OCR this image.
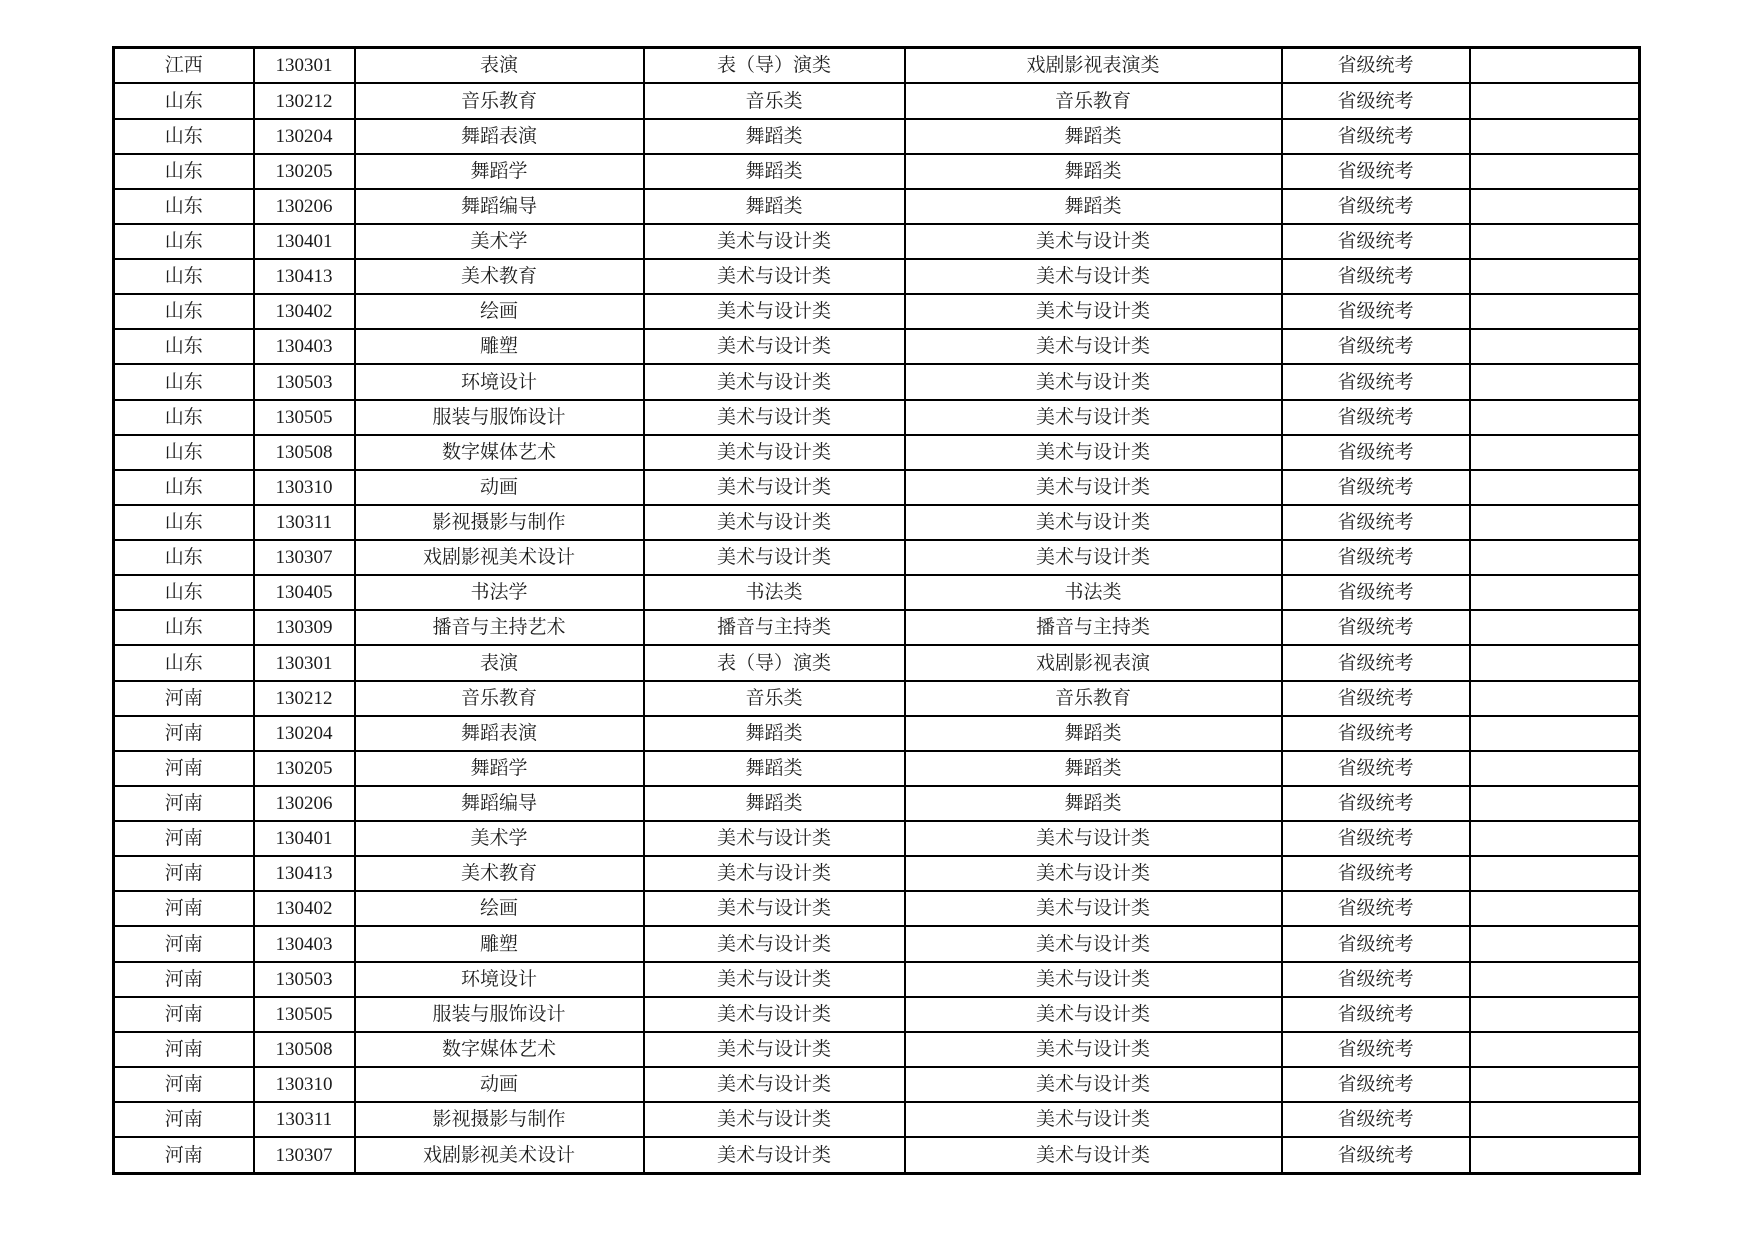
江西	130301	表演	表（导）演类	戏剧影视表演类	省级统考	
山东	130212	音乐教育	音乐类	音乐教育	省级统考	
山东	130204	舞蹈表演	舞蹈类	舞蹈类	省级统考	
山东	130205	舞蹈学	舞蹈类	舞蹈类	省级统考	
山东	130206	舞蹈编导	舞蹈类	舞蹈类	省级统考	
山东	130401	美术学	美术与设计类	美术与设计类	省级统考	
山东	130413	美术教育	美术与设计类	美术与设计类	省级统考	
山东	130402	绘画	美术与设计类	美术与设计类	省级统考	
山东	130403	雕塑	美术与设计类	美术与设计类	省级统考	
山东	130503	环境设计	美术与设计类	美术与设计类	省级统考	
山东	130505	服装与服饰设计	美术与设计类	美术与设计类	省级统考	
山东	130508	数字媒体艺术	美术与设计类	美术与设计类	省级统考	
山东	130310	动画	美术与设计类	美术与设计类	省级统考	
山东	130311	影视摄影与制作	美术与设计类	美术与设计类	省级统考	
山东	130307	戏剧影视美术设计	美术与设计类	美术与设计类	省级统考	
山东	130405	书法学	书法类	书法类	省级统考	
山东	130309	播音与主持艺术	播音与主持类	播音与主持类	省级统考	
山东	130301	表演	表（导）演类	戏剧影视表演	省级统考	
河南	130212	音乐教育	音乐类	音乐教育	省级统考	
河南	130204	舞蹈表演	舞蹈类	舞蹈类	省级统考	
河南	130205	舞蹈学	舞蹈类	舞蹈类	省级统考	
河南	130206	舞蹈编导	舞蹈类	舞蹈类	省级统考	
河南	130401	美术学	美术与设计类	美术与设计类	省级统考	
河南	130413	美术教育	美术与设计类	美术与设计类	省级统考	
河南	130402	绘画	美术与设计类	美术与设计类	省级统考	
河南	130403	雕塑	美术与设计类	美术与设计类	省级统考	
河南	130503	环境设计	美术与设计类	美术与设计类	省级统考	
河南	130505	服装与服饰设计	美术与设计类	美术与设计类	省级统考	
河南	130508	数字媒体艺术	美术与设计类	美术与设计类	省级统考	
河南	130310	动画	美术与设计类	美术与设计类	省级统考	
河南	130311	影视摄影与制作	美术与设计类	美术与设计类	省级统考	
河南	130307	戏剧影视美术设计	美术与设计类	美术与设计类	省级统考	
